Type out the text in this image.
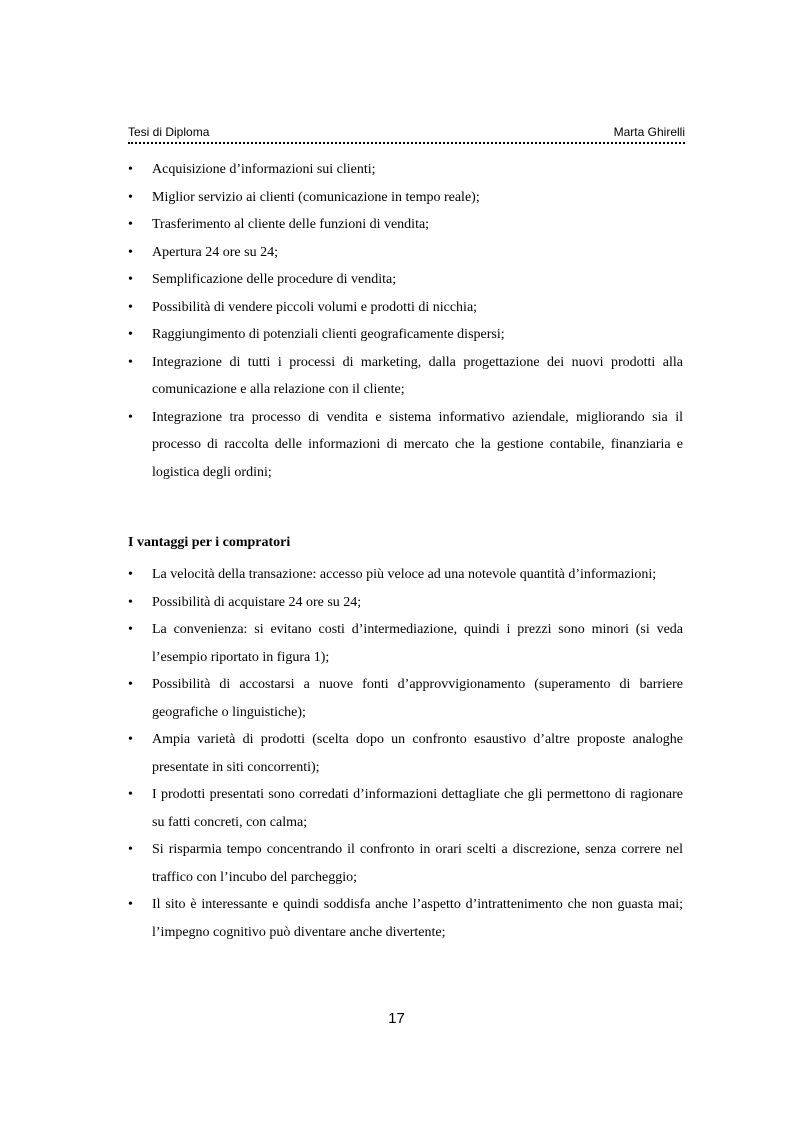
Tesi di Diploma	Marta Ghirelli
• Acquisizione d’informazioni sui clienti;
• Miglior servizio ai clienti (comunicazione in tempo reale);
• Trasferimento al cliente delle funzioni di vendita;
• Apertura 24 ore su 24;
• Semplificazione delle procedure di vendita;
• Possibilità di vendere piccoli volumi e prodotti di nicchia;
• Raggiungimento di potenziali clienti geograficamente dispersi;
• Integrazione di tutti i processi di marketing, dalla progettazione dei nuovi prodotti alla comunicazione e alla relazione con il cliente;
• Integrazione tra processo di vendita e sistema informativo aziendale, migliorando sia il processo di raccolta delle informazioni di mercato che la gestione contabile, finanziaria e logistica degli ordini;
I vantaggi per i compratori
• La velocità della transazione: accesso più veloce ad una notevole quantità d’informazioni;
• Possibilità di acquistare 24 ore su 24;
• La convenienza: si evitano costi d’intermediazione, quindi i prezzi sono minori (si veda l’esempio riportato in figura 1);
• Possibilità di accostarsi a nuove fonti d’approvvigionamento (superamento di barriere geografiche o linguistiche);
• Ampia varietà di prodotti (scelta dopo un confronto esaustivo d’altre proposte analoghe presentate in siti concorrenti);
• I prodotti presentati sono corredati d’informazioni dettagliate che gli permettono di ragionare su fatti concreti, con calma;
• Si risparmia tempo concentrando il confronto in orari scelti a discrezione, senza correre nel traffico con l’incubo del parcheggio;
• Il sito è interessante e quindi soddisfa anche l’aspetto d’intrattenimento che non guasta mai; l’impegno cognitivo può diventare anche divertente;
17
